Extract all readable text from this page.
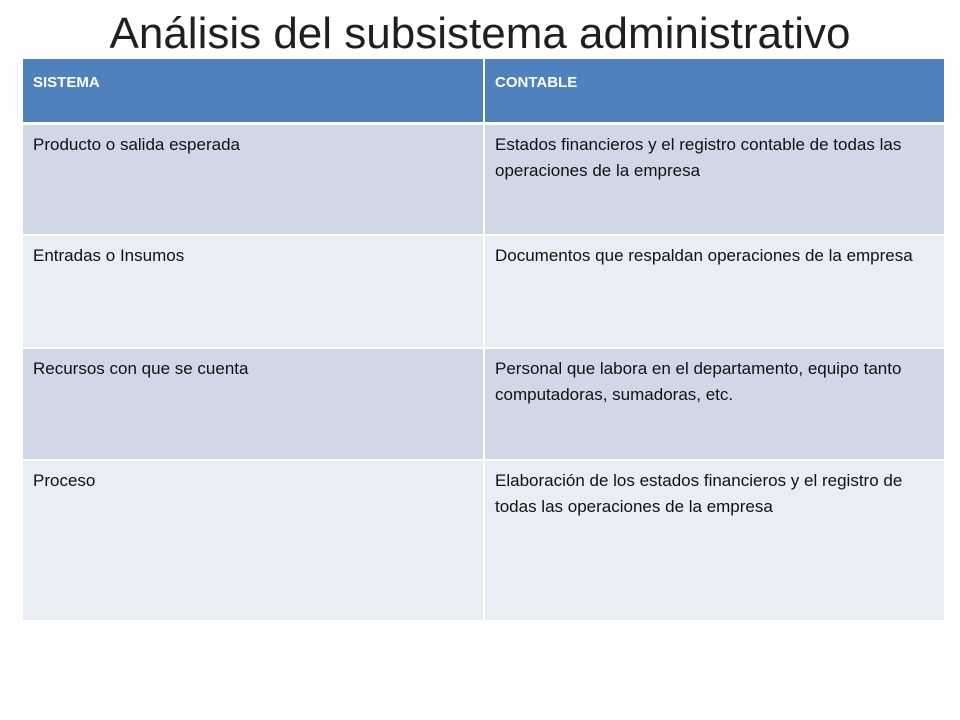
Análisis del subsistema administrativo
SISTEMA	CONTABLE
Producto o salida esperada	Estados financieros y el registro contable de todas las operaciones de la empresa
Entradas o Insumos	Documentos que respaldan operaciones de la empresa
Recursos con que se cuenta	Personal que labora en el departamento, equipo tanto computadoras, sumadoras, etc.
Proceso	Elaboración de los estados financieros y el registro de todas las operaciones de la empresa
